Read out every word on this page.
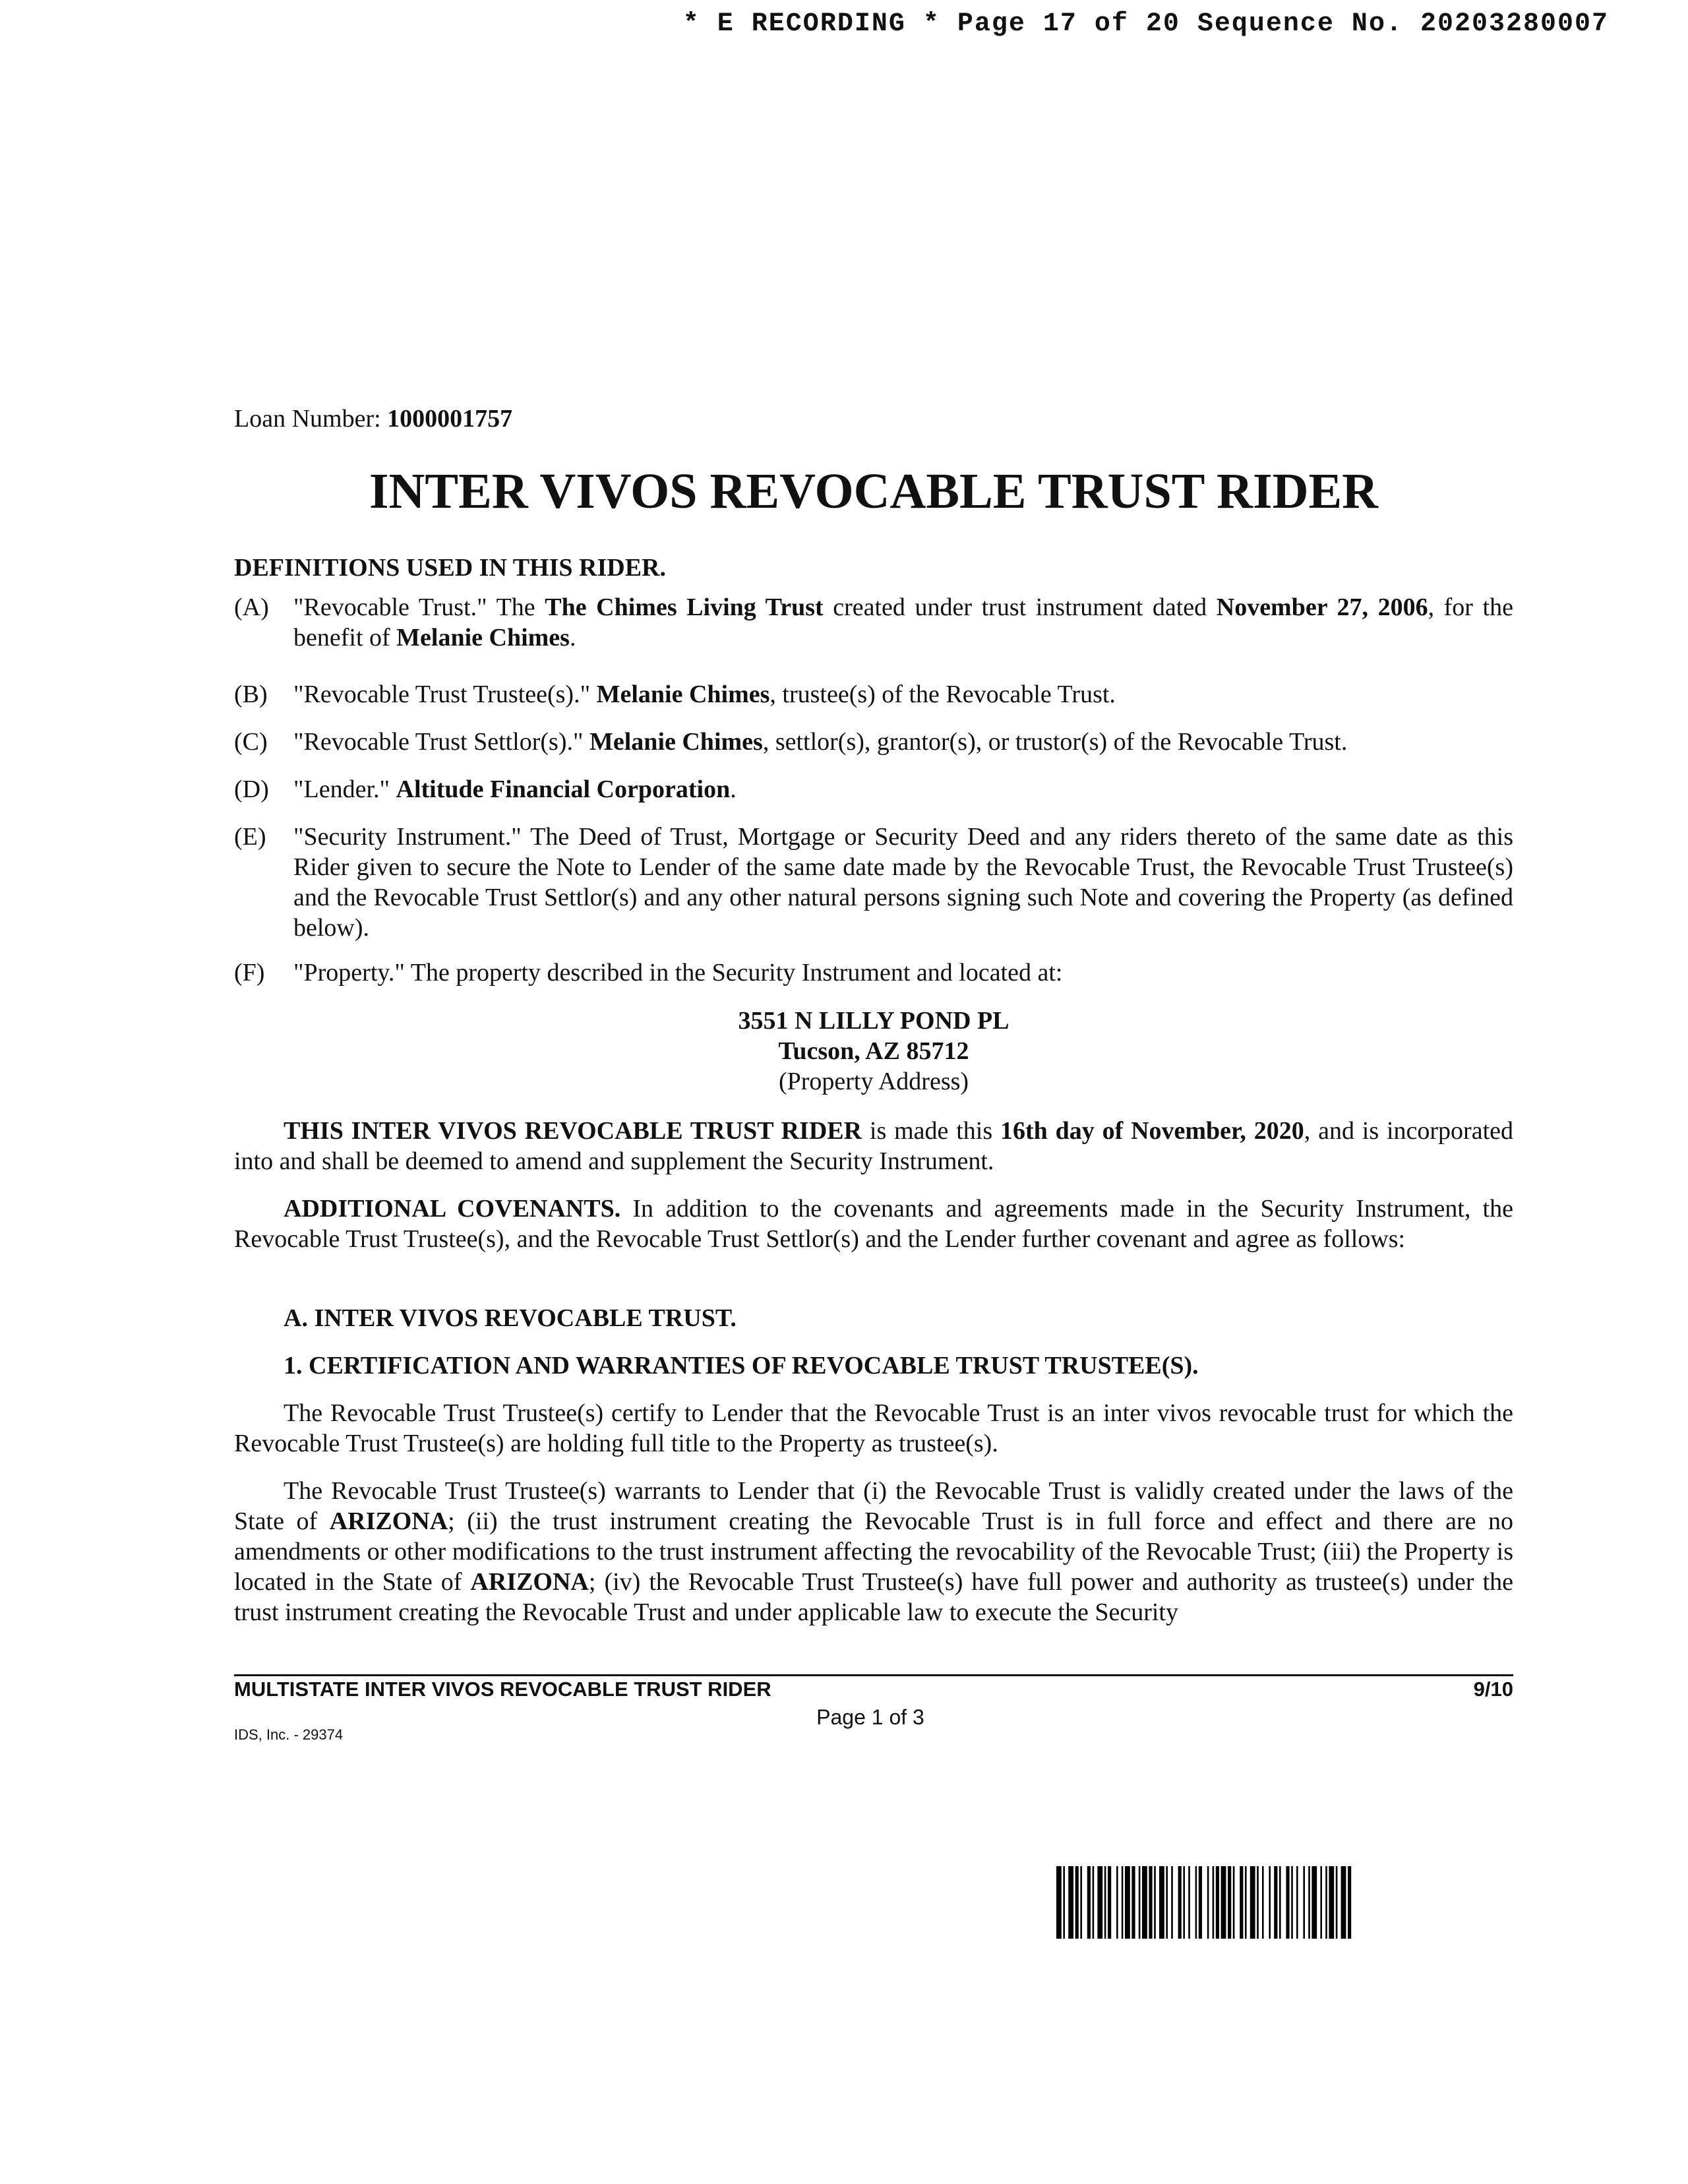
* E RECORDING * Page 17 of 20 Sequence No. 20203280007
Loan Number: 1000001757
INTER VIVOS REVOCABLE TRUST RIDER
DEFINITIONS USED IN THIS RIDER.
(A) "Revocable Trust." The The Chimes Living Trust created under trust instrument dated November 27, 2006, for the benefit of Melanie Chimes.
(B)	"Revocable Trust Trustee(s)." Melanie Chimes, trustee(s) of the Revocable Trust.
(C)	"Revocable Trust Settlor(s)." Melanie Chimes, settlor(s), grantor(s), or trustor(s) of the Revocable Trust.
(D) "Lender." Altitude Financial Corporation.
(E)	"Security Instrument." The Deed of Trust, Mortgage or Security Deed and any riders thereto of the same date as this Rider given to secure the Note to Lender of the same date made by the Revocable Trust, the Revocable Trust Trustee(s) and the Revocable Trust Settlor(s) and any other natural persons signing such Note and covering the Property (as defined below).
(F)	"Property." The property described in the Security Instrument and located at:
3551 N LILLY POND PL
Tucson, AZ 85712
(Property Address)
THIS INTER VIVOS REVOCABLE TRUST RIDER is made this 16th day of November, 2020, and is incorporated into and shall be deemed to amend and supplement the Security Instrument.
ADDITIONAL COVENANTS. In addition to the covenants and agreements made in the Security Instrument, the Revocable Trust Trustee(s), and the Revocable Trust Settlor(s) and the Lender further covenant and agree as follows:
A. INTER VIVOS REVOCABLE TRUST.
1. CERTIFICATION AND WARRANTIES OF REVOCABLE TRUST TRUSTEE(S).
The Revocable Trust Trustee(s) certify to Lender that the Revocable Trust is an inter vivos revocable trust for which the Revocable Trust Trustee(s) are holding full title to the Property as trustee(s).
The Revocable Trust Trustee(s) warrants to Lender that (i) the Revocable Trust is validly created under the laws of the State of ARIZONA; (ii) the trust instrument creating the Revocable Trust is in full force and effect and there are no amendments or other modifications to the trust instrument affecting the revocability of the Revocable Trust; (iii) the Property is located in the State of ARIZONA; (iv) the Revocable Trust Trustee(s) have full power and authority as trustee(s) under the trust instrument creating the Revocable Trust and under applicable law to execute the Security
MULTISTATE INTER VIVOS REVOCABLE TRUST RIDER	9/10
Page 1 of 3
IDS, Inc. - 29374
